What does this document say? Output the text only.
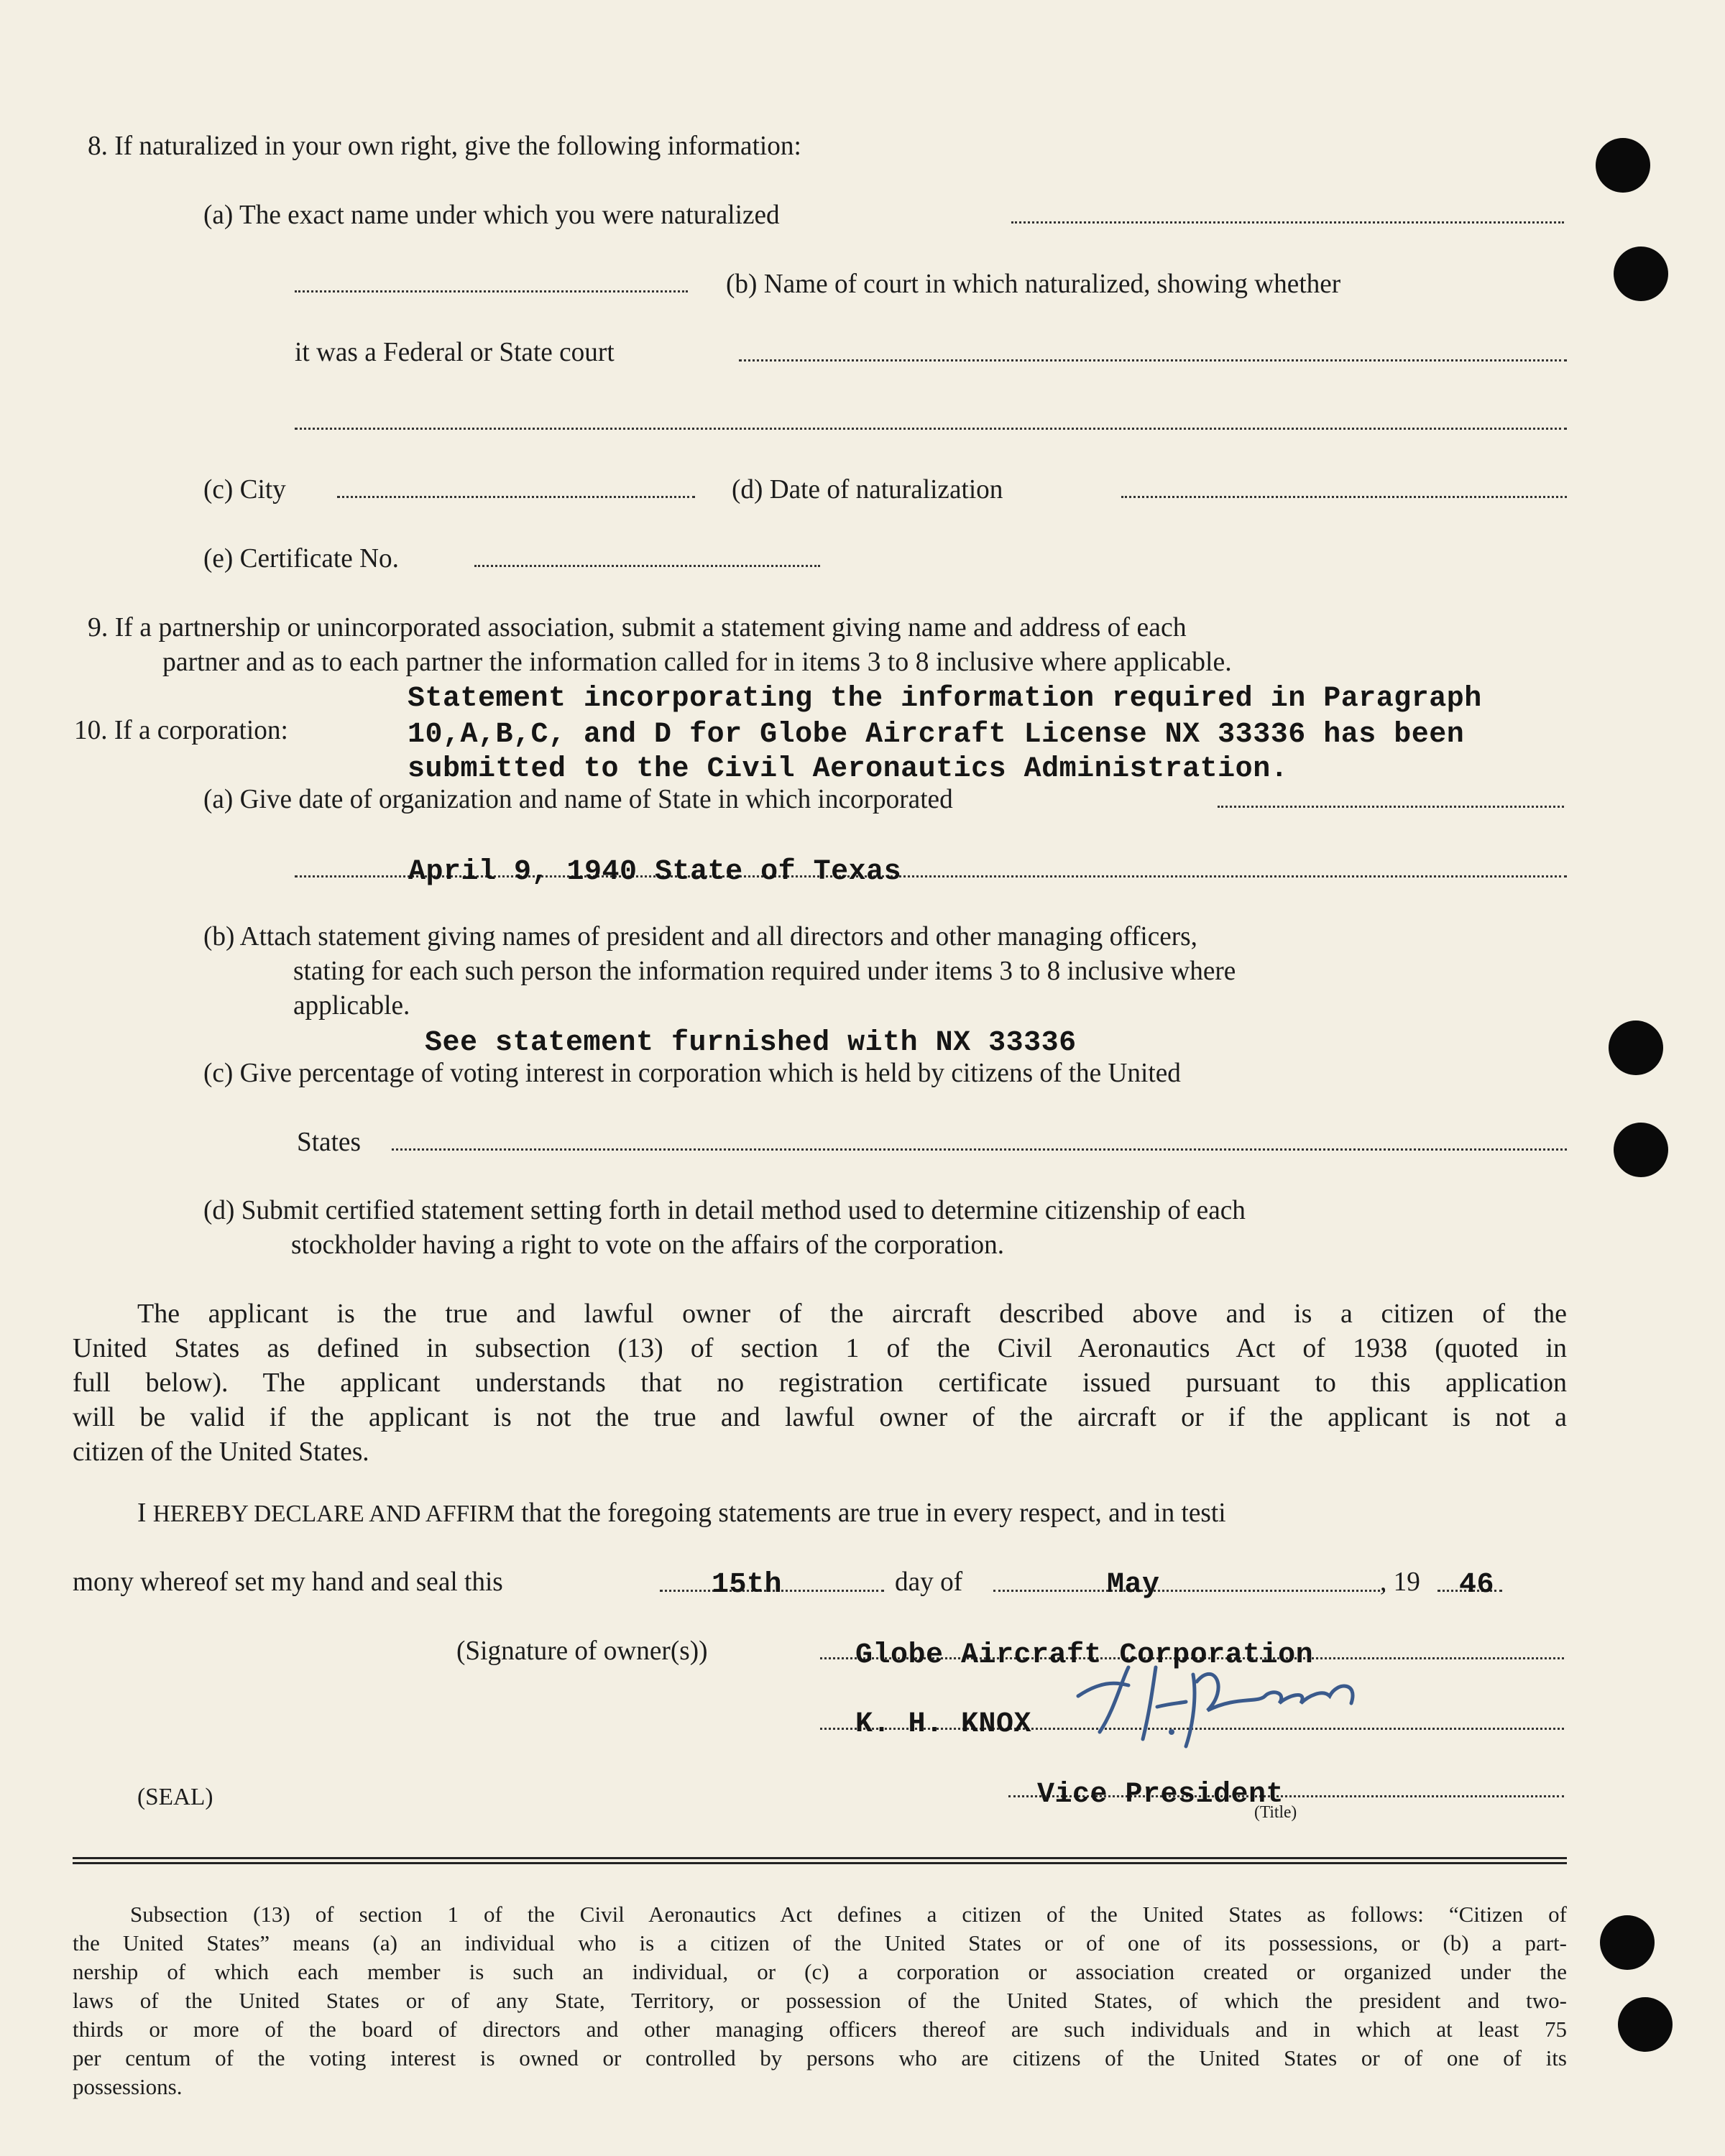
8. If naturalized in your own right, give the following information:
(a) The exact name under which you were naturalized
(b) Name of court in which naturalized, showing whether
it was a Federal or State court
(c) City	(d) Date of naturalization
(e) Certificate No.
9. If a partnership or unincorporated association, submit a statement giving name and address of each
partner and as to each partner the information called for in items 3 to 8 inclusive where applicable.
10. If a corporation:
Statement incorporating the information required in Paragraph
10,A,B,C, and D for Globe Aircraft License NX 33336 has been
submitted to the Civil Aeronautics Administration.
(a) Give date of organization and name of State in which incorporated
April 9, 1940 State of Texas
(b) Attach statement giving names of president and all directors and other managing officers,
stating for each such person the information required under items 3 to 8 inclusive where
applicable.
See statement furnished with NX 33336
(c) Give percentage of voting interest in corporation which is held by citizens of the United
States
(d) Submit certified statement setting forth in detail method used to determine citizenship of each
stockholder having a right to vote on the affairs of the corporation.
The applicant is the true and lawful owner of the aircraft described above and is a citizen of the
United States as defined in subsection (13) of section 1 of the Civil Aeronautics Act of 1938 (quoted in
full below). The applicant understands that no registration certificate issued pursuant to this application
will be valid if the applicant is not the true and lawful owner of the aircraft or if the applicant is not a
citizen of the United States.
I HEREBY DECLARE AND AFFIRM that the foregoing statements are true in every respect, and in testi
mony whereof set my hand and seal this	15th	day of	May	, 19 46
(Signature of owner(s))	Globe Aircraft Corporation
K. H. KNOX
(SEAL)	Vice President
(Title)
Subsection (13) of section 1 of the Civil Aeronautics Act defines a citizen of the United States as follows: “Citizen of
the United States” means (a) an individual who is a citizen of the United States or of one of its possessions, or (b) a part-
nership of which each member is such an individual, or (c) a corporation or association created or organized under the
laws of the United States or of any State, Territory, or possession of the United States, of which the president and two-
thirds or more of the board of directors and other managing officers thereof are such individuals and in which at least 75
per centum of the voting interest is owned or controlled by persons who are citizens of the United States or of one of its
possessions.
